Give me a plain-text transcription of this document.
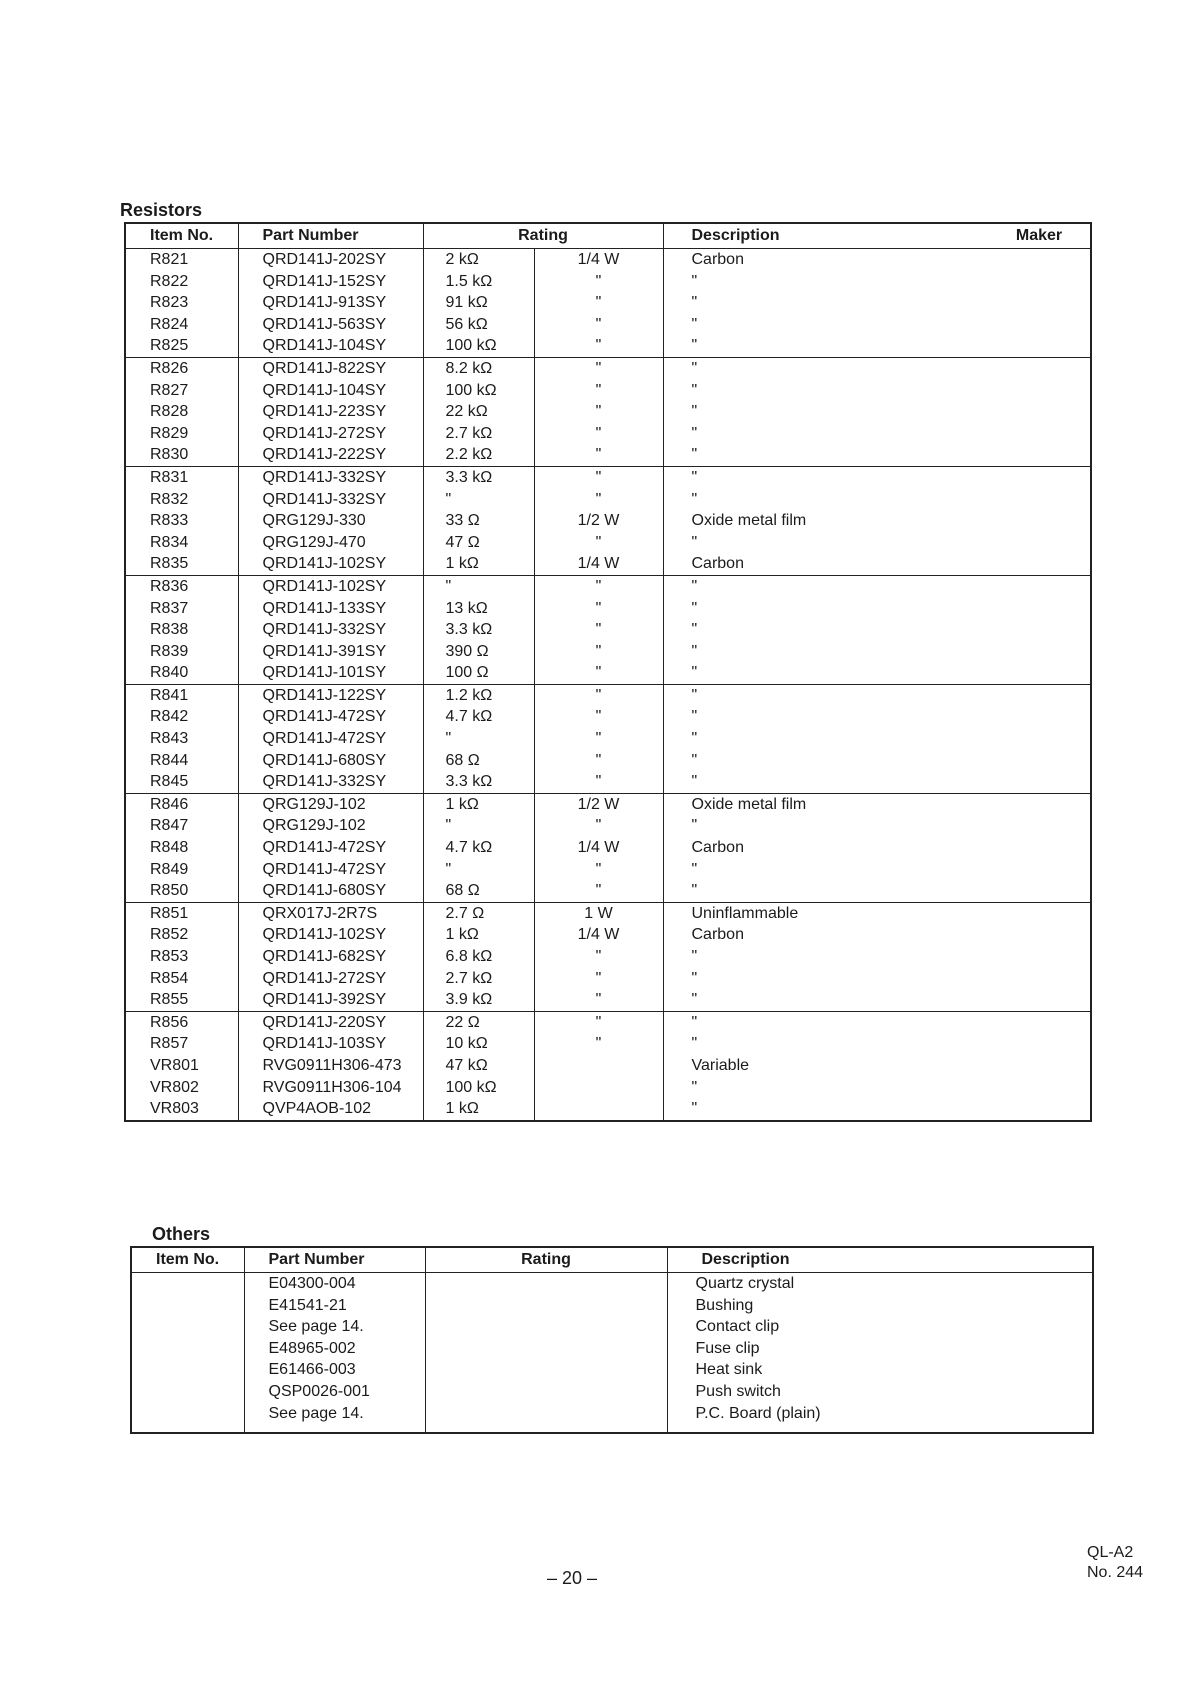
Resistors
Item No.	Part Number	Rating		Description	Maker
R821	QRD141J-202SY	2 kΩ	1/4 W	Carbon	
R822	QRD141J-152SY	1.5 kΩ	"	"	
R823	QRD141J-913SY	91 kΩ	"	"	
R824	QRD141J-563SY	56 kΩ	"	"	
R825	QRD141J-104SY	100 kΩ	"	"	
R826	QRD141J-822SY	8.2 kΩ	"	"	
R827	QRD141J-104SY	100 kΩ	"	"	
R828	QRD141J-223SY	22 kΩ	"	"	
R829	QRD141J-272SY	2.7 kΩ	"	"	
R830	QRD141J-222SY	2.2 kΩ	"	"	
R831	QRD141J-332SY	3.3 kΩ	"	"	
R832	QRD141J-332SY	"	"	"	
R833	QRG129J-330	33 Ω	1/2 W	Oxide metal film	
R834	QRG129J-470	47 Ω	"	"	
R835	QRD141J-102SY	1 kΩ	1/4 W	Carbon	
R836	QRD141J-102SY	"	"	"	
R837	QRD141J-133SY	13 kΩ	"	"	
R838	QRD141J-332SY	3.3 kΩ	"	"	
R839	QRD141J-391SY	390 Ω	"	"	
R840	QRD141J-101SY	100 Ω	"	"	
R841	QRD141J-122SY	1.2 kΩ	"	"	
R842	QRD141J-472SY	4.7 kΩ	"	"	
R843	QRD141J-472SY	"	"	"	
R844	QRD141J-680SY	68 Ω	"	"	
R845	QRD141J-332SY	3.3 kΩ	"	"	
R846	QRG129J-102	1 kΩ	1/2 W	Oxide metal film	
R847	QRG129J-102	"	"	"	
R848	QRD141J-472SY	4.7 kΩ	1/4 W	Carbon	
R849	QRD141J-472SY	"	"	"	
R850	QRD141J-680SY	68 Ω	"	"	
R851	QRX017J-2R7S	2.7 Ω	1 W	Uninflammable	
R852	QRD141J-102SY	1 kΩ	1/4 W	Carbon	
R853	QRD141J-682SY	6.8 kΩ	"	"	
R854	QRD141J-272SY	2.7 kΩ	"	"	
R855	QRD141J-392SY	3.9 kΩ	"	"	
R856	QRD141J-220SY	22 Ω	"	"	
R857	QRD141J-103SY	10 kΩ	"	"	
VR801	RVG0911H306-473	47 kΩ		Variable	
VR802	RVG0911H306-104	100 kΩ		"	
VR803	QVP4AOB-102	1 kΩ		"	
Others
Item No.	Part Number	Rating	Description
	E04300-004		Quartz crystal
	E41541-21		Bushing
	See page 14.		Contact clip
	E48965-002		Fuse clip
	E61466-003		Heat sink
	QSP0026-001		Push switch
	See page 14.		P.C. Board (plain)

– 20 –
QL-A2
No. 244
